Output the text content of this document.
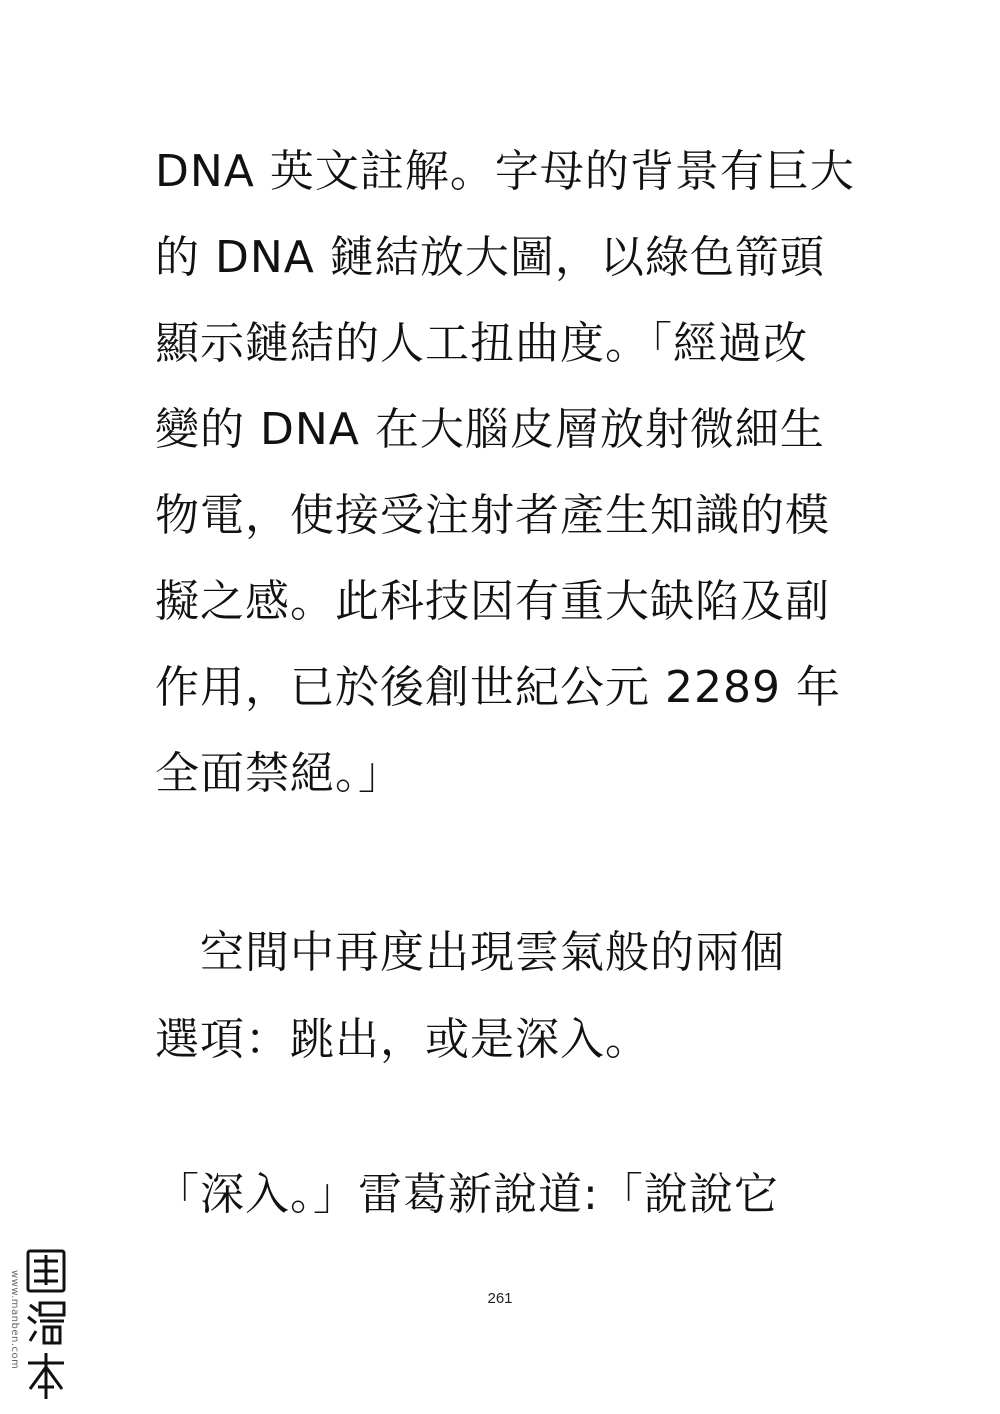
DNA 英文註解。字母的背景有巨大
的 DNA 鏈結放大圖，以綠色箭頭
顯示鏈結的人工扭曲度。「經過改
變的 DNA 在大腦皮層放射微細生
物電，使接受注射者產生知識的模
擬之感。此科技因有重大缺陷及副
作用，已於後創世紀公元 2289 年
全面禁絕。」
　空間中再度出現雲氣般的兩個
選項：跳出，或是深入。
「深入。」雷葛新說道:「說說它
261
www.manben.com
